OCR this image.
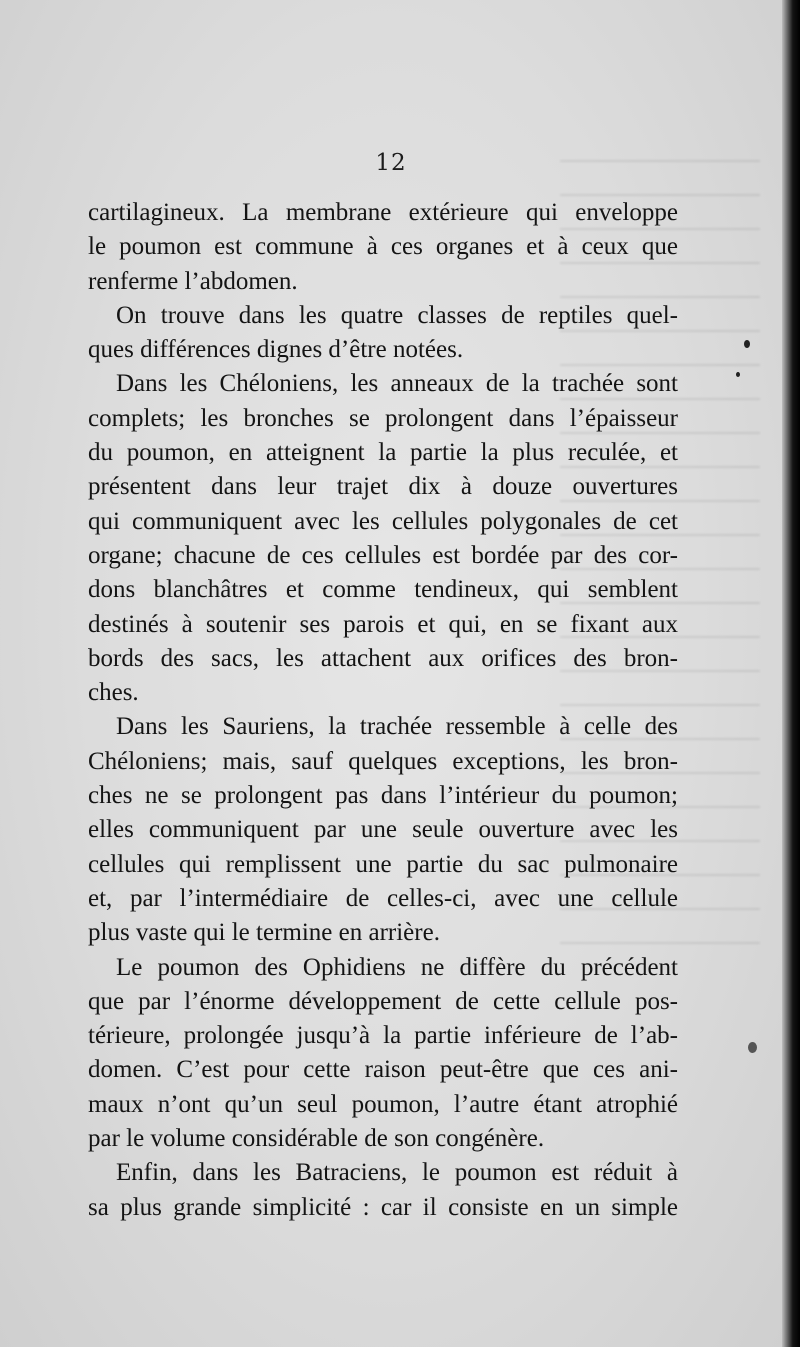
12
cartilagineux. La membrane extérieure qui enveloppe
le poumon est commune à ces organes et à ceux que
renferme l’abdomen.
On trouve dans les quatre classes de reptiles quel-
ques différences dignes d’être notées.
Dans les Chéloniens, les anneaux de la trachée sont
complets; les bronches se prolongent dans l’épaisseur
du poumon, en atteignent la partie la plus reculée, et
présentent dans leur trajet dix à douze ouvertures
qui communiquent avec les cellules polygonales de cet
organe; chacune de ces cellules est bordée par des cor-
dons blanchâtres et comme tendineux, qui semblent
destinés à soutenir ses parois et qui, en se fixant aux
bords des sacs, les attachent aux orifices des bron-
ches.
Dans les Sauriens, la trachée ressemble à celle des
Chéloniens; mais, sauf quelques exceptions, les bron-
ches ne se prolongent pas dans l’intérieur du poumon;
elles communiquent par une seule ouverture avec les
cellules qui remplissent une partie du sac pulmonaire
et, par l’intermédiaire de celles-ci, avec une cellule
plus vaste qui le termine en arrière.
Le poumon des Ophidiens ne diffère du précédent
que par l’énorme développement de cette cellule pos-
térieure, prolongée jusqu’à la partie inférieure de l’ab-
domen. C’est pour cette raison peut-être que ces ani-
maux n’ont qu’un seul poumon, l’autre étant atrophié
par le volume considérable de son congénère.
Enfin, dans les Batraciens, le poumon est réduit à
sa plus grande simplicité : car il consiste en un simple
